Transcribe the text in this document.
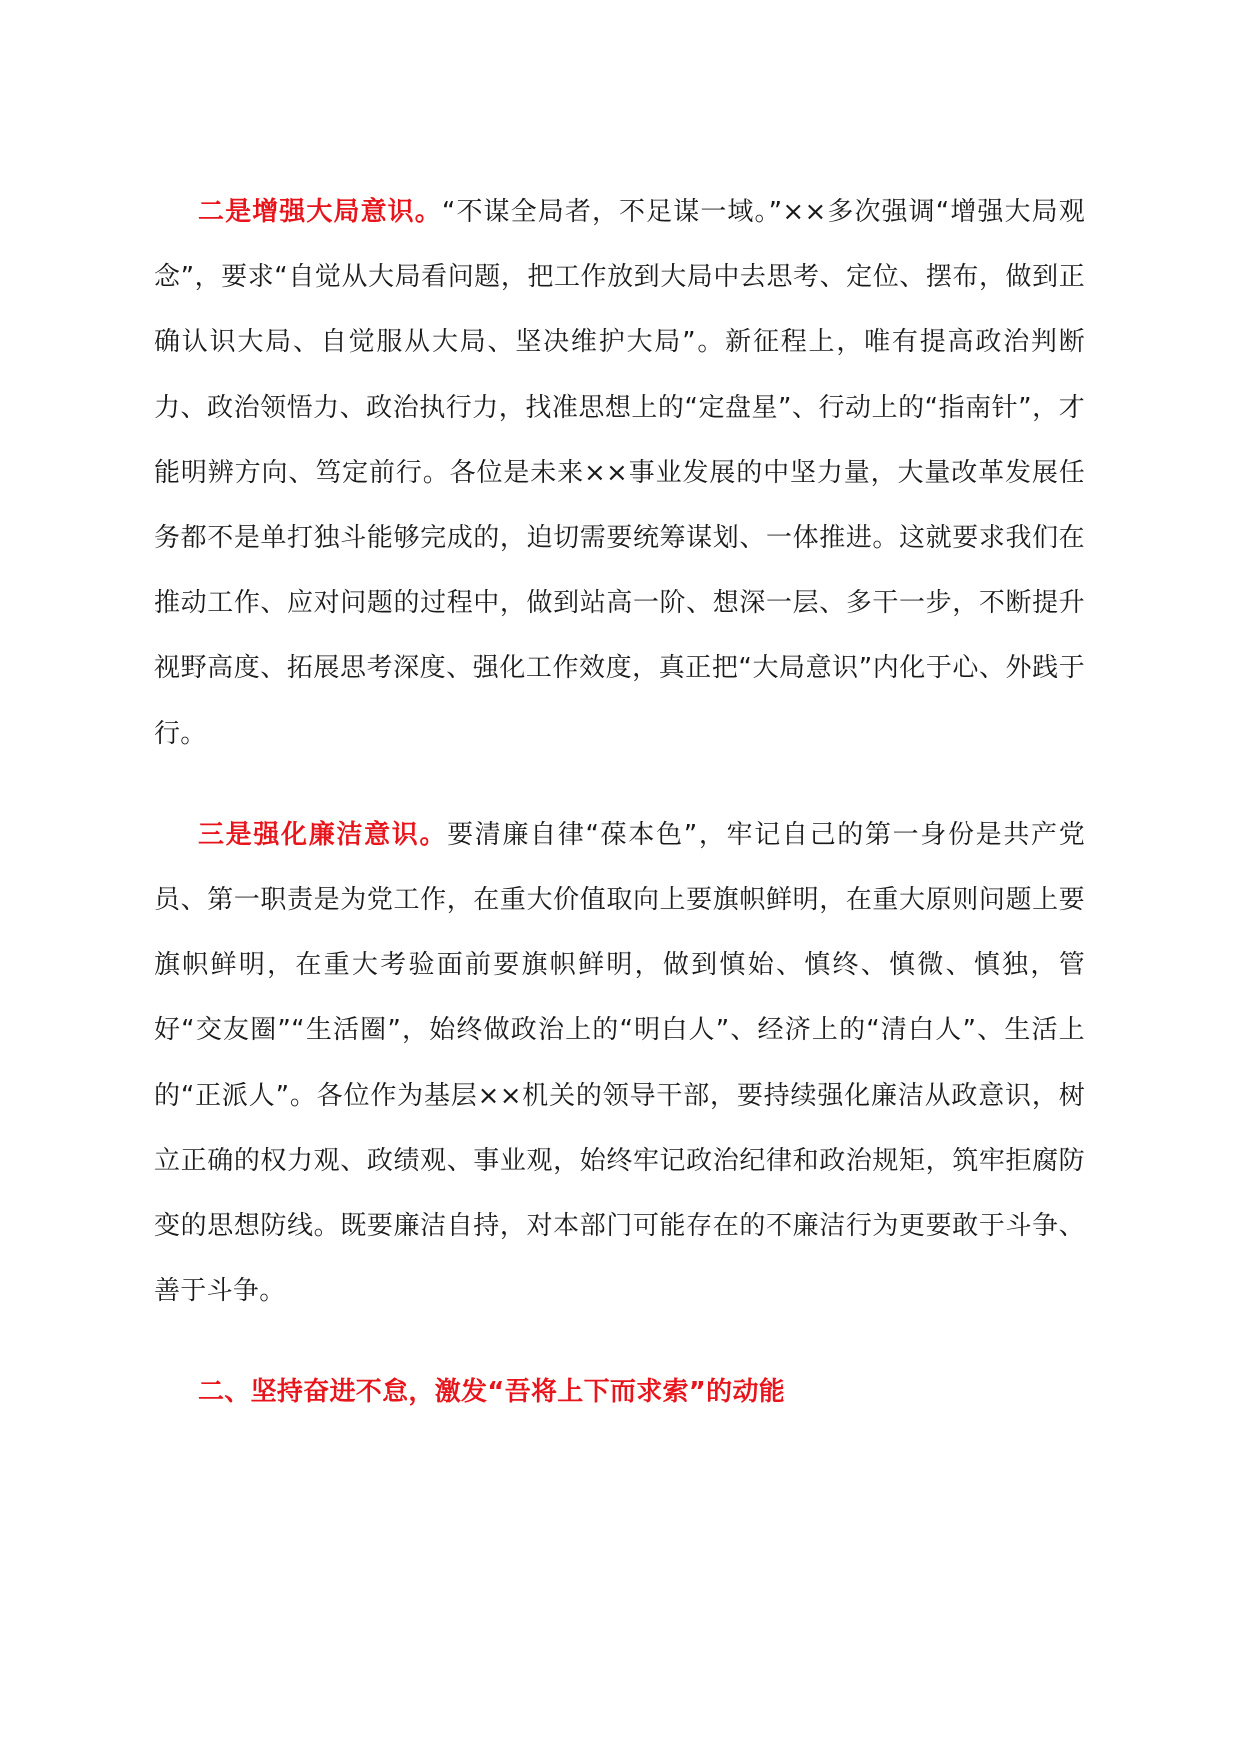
二是增强大局意识。“不谋全局者，不足谋一域。”××多次强调“增强大局观念”，要求“自觉从大局看问题，把工作放到大局中去思考、定位、摆布，做到正确认识大局、自觉服从大局、坚决维护大局”。新征程上，唯有提高政治判断力、政治领悟力、政治执行力，找准思想上的“定盘星”、行动上的“指南针”，才能明辨方向、笃定前行。各位是未来××事业发展的中坚力量，大量改革发展任务都不是单打独斗能够完成的，迫切需要统筹谋划、一体推进。这就要求我们在推动工作、应对问题的过程中，做到站高一阶、想深一层、多干一步，不断提升视野高度、拓展思考深度、强化工作效度，真正把“大局意识”内化于心、外践于行。

三是强化廉洁意识。要清廉自律“葆本色”，牢记自己的第一身份是共产党员、第一职责是为党工作，在重大价值取向上要旗帜鲜明，在重大原则问题上要旗帜鲜明，在重大考验面前要旗帜鲜明，做到慎始、慎终、慎微、慎独，管好“交友圈”“生活圈”，始终做政治上的“明白人”、经济上的“清白人”、生活上的“正派人”。各位作为基层××机关的领导干部，要持续强化廉洁从政意识，树立正确的权力观、政绩观、事业观，始终牢记政治纪律和政治规矩，筑牢拒腐防变的思想防线。既要廉洁自持，对本部门可能存在的不廉洁行为更要敢于斗争、善于斗争。

二、坚持奋进不怠，激发“吾将上下而求索”的动能
